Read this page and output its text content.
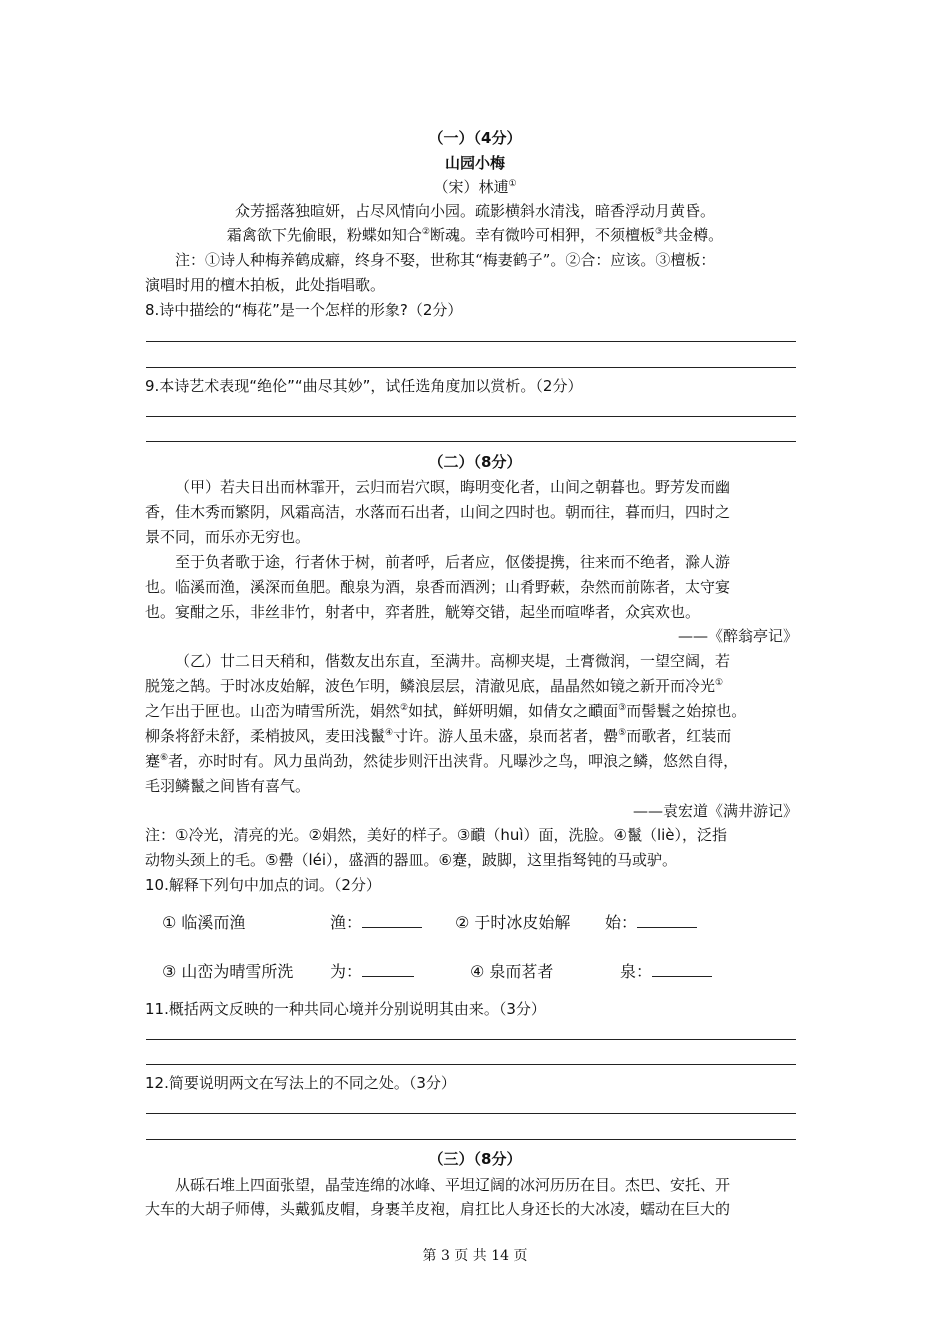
（一）（4分）
山园小梅
（宋）林逋①
众芳摇落独暄妍，占尽风情向小园。疏影横斜水清浅，暗香浮动月黄昏。
霜禽欲下先偷眼，粉蝶如知合②断魂。幸有微吟可相狎，不须檀板③共金樽。
注：①诗人种梅养鹤成癖，终身不娶，世称其“梅妻鹤子”。②合：应该。③檀板：
演唱时用的檀木拍板，此处指唱歌。
8.诗中描绘的“梅花”是一个怎样的形象?（2分）
9.本诗艺术表现“绝伦”“曲尽其妙”，试任选角度加以赏析。（2分）
（二）（8分）
（甲）若夫日出而林霏开，云归而岩穴暝，晦明变化者，山间之朝暮也。野芳发而幽
香，佳木秀而繁阴，风霜高洁，水落而石出者，山间之四时也。朝而往，暮而归，四时之
景不同，而乐亦无穷也。
至于负者歌于途，行者休于树，前者呼，后者应，伛偻提携，往来而不绝者，滁人游
也。临溪而渔，溪深而鱼肥。酿泉为酒，泉香而酒洌；山肴野蔌，杂然而前陈者，太守宴
也。宴酣之乐，非丝非竹，射者中，弈者胜，觥筹交错，起坐而喧哗者，众宾欢也。
——《醉翁亭记》
（乙）廿二日天稍和，偕数友出东直，至满井。高柳夹堤，土膏微润，一望空阔，若
脱笼之鹄。于时冰皮始解，波色乍明，鳞浪层层，清澈见底，晶晶然如镜之新开而冷光①
之乍出于匣也。山峦为晴雪所洗，娟然②如拭，鲜妍明媚，如倩女之靧面③而髻鬟之始掠也。
柳条将舒未舒，柔梢披风，麦田浅鬣④寸许。游人虽未盛，泉而茗者，罍⑤而歌者，红装而
蹇⑥者，亦时时有。风力虽尚劲，然徒步则汗出浃背。凡曝沙之鸟，呷浪之鳞，悠然自得，
毛羽鳞鬣之间皆有喜气。
——袁宏道《满井游记》
注：①冷光，清亮的光。②娟然，美好的样子。③靧（huì）面，洗脸。④鬣（liè），泛指
动物头颈上的毛。⑤罍（léi），盛酒的器皿。⑥蹇，跛脚，这里指驽钝的马或驴。
10.解释下列句中加点的词。（2分）
① 临溪而渔	渔：	② 于时冰皮始解 始：
③ 山峦为晴雪所洗 为：	④ 泉而茗者	泉：
11.概括两文反映的一种共同心境并分别说明其由来。（3分）
12.简要说明两文在写法上的不同之处。（3分）
（三）（8分）
从砾石堆上四面张望，晶莹连绵的冰峰、平坦辽阔的冰河历历在目。杰巴、安托、开
大车的大胡子师傅，头戴狐皮帽，身裹羊皮袍，肩扛比人身还长的大冰凌，蠕动在巨大的
第 3 页 共 14 页
